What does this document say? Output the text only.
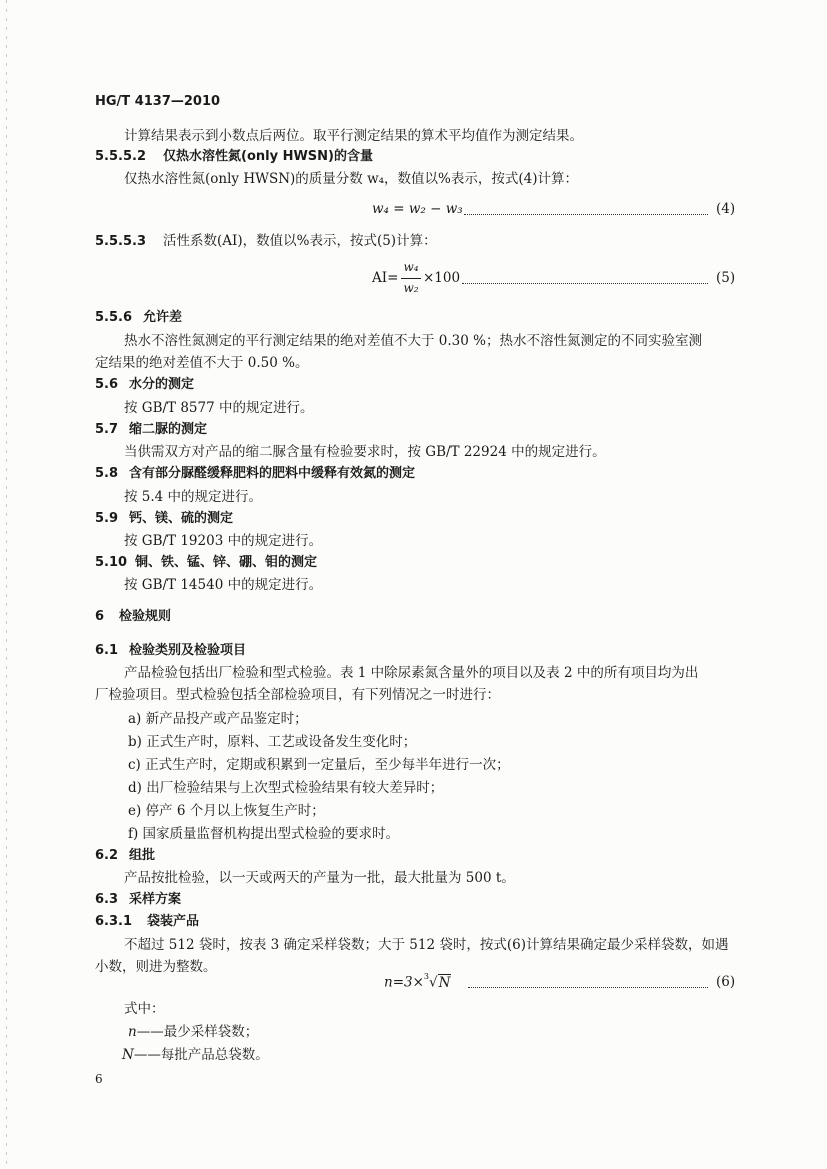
HG/T 4137—2010
计算结果表示到小数点后两位。取平行测定结果的算术平均值作为测定结果。
5.5.5.2 仅热水溶性氮(only HWSN)的含量
仅热水溶性氮(only HWSN)的质量分数 w₄，数值以%表示，按式(4)计算：
w₄ = w₂ − w₃	(4)
5.5.5.3 活性系数(AI)，数值以%表示，按式(5)计算：
AI=
w₄
w₂
×100	(5)
5.5.6 允许差
热水不溶性氮测定的平行测定结果的绝对差值不大于 0.30 %；热水不溶性氮测定的不同实验室测
定结果的绝对差值不大于 0.50 %。
5.6 水分的测定
按 GB/T 8577 中的规定进行。
5.7 缩二脲的测定
当供需双方对产品的缩二脲含量有检验要求时，按 GB/T 22924 中的规定进行。
5.8 含有部分脲醛缓释肥料的肥料中缓释有效氮的测定
按 5.4 中的规定进行。
5.9 钙、镁、硫的测定
按 GB/T 19203 中的规定进行。
5.10 铜、铁、锰、锌、硼、钼的测定
按 GB/T 14540 中的规定进行。
6 检验规则
6.1 检验类别及检验项目
产品检验包括出厂检验和型式检验。表 1 中除尿素氮含量外的项目以及表 2 中的所有项目均为出
厂检验项目。型式检验包括全部检验项目，有下列情况之一时进行：
a) 新产品投产或产品鉴定时；
b) 正式生产时，原料、工艺或设备发生变化时；
c) 正式生产时，定期或积累到一定量后，至少每半年进行一次；
d) 出厂检验结果与上次型式检验结果有较大差异时；
e) 停产 6 个月以上恢复生产时；
f) 国家质量监督机构提出型式检验的要求时。
6.2 组批
产品按批检验，以一天或两天的产量为一批，最大批量为 500 t。
6.3 采样方案
6.3.1 袋装产品
不超过 512 袋时，按表 3 确定采样袋数；大于 512 袋时，按式(6)计算结果确定最少采样袋数，如遇
小数，则进为整数。
n=3×$^3$√N	(6)
式中：
n——最少采样袋数；
N——每批产品总袋数。
6
